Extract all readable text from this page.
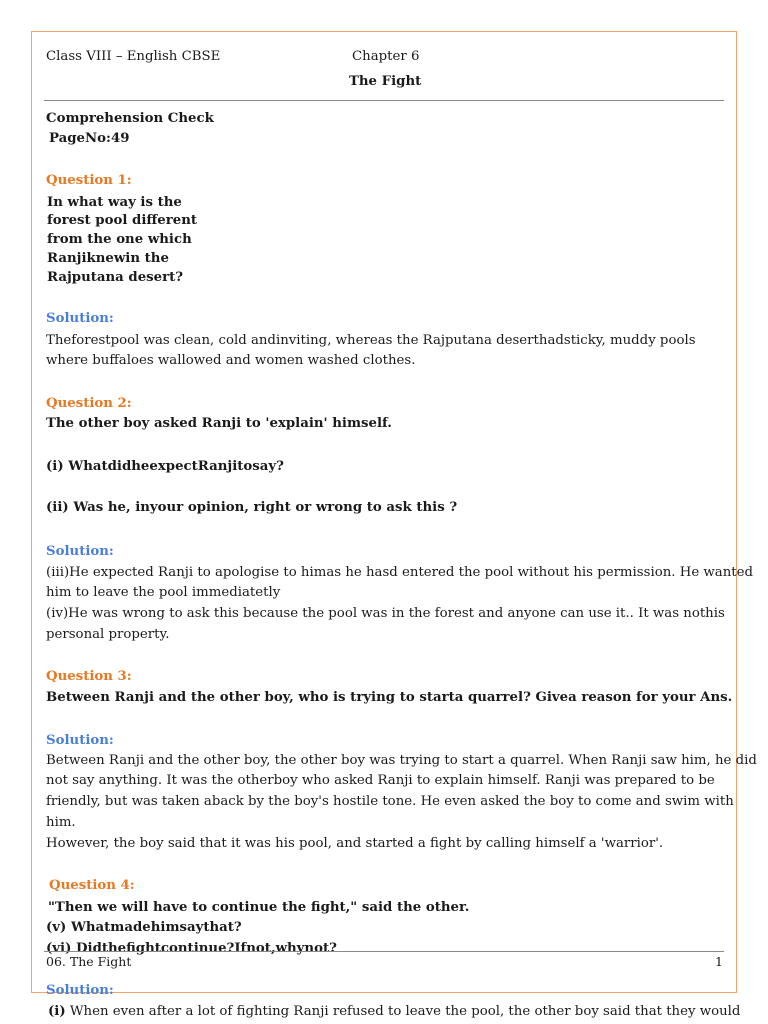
Class VIII – English CBSE	Chapter 6
The Fight
Comprehension Check
PageNo:49
Question 1:
In what way is the
forest pool different
from the one which
Ranjiknewin the
Rajputana desert?
Solution:
Theforestpool was clean, cold andinviting, whereas the Rajputana deserthadsticky, muddy pools
where buffaloes wallowed and women washed clothes.
Question 2:
The other boy asked Ranji to 'explain' himself.
(i) WhatdidheexpectRanjitosay?
(ii) Was he, inyour opinion, right or wrong to ask this ?
Solution:
(iii)He expected Ranji to apologise to himas he hasd entered the pool without his permission. He wanted
him to leave the pool immediatetly
(iv)He was wrong to ask this because the pool was in the forest and anyone can use it.. It was nothis
personal property.
Question 3:
Between Ranji and the other boy, who is trying to starta quarrel? Givea reason for your Ans.
Solution:
Between Ranji and the other boy, the other boy was trying to start a quarrel. When Ranji saw him, he did
not say anything. It was the otherboy who asked Ranji to explain himself. Ranji was prepared to be
friendly, but was taken aback by the boy's hostile tone. He even asked the boy to come and swim with
him.
However, the boy said that it was his pool, and started a fight by calling himself a 'warrior'.
Question 4:
"Then we will have to continue the fight," said the other.
(v) Whatmadehimsaythat?
(vi) Didthefightcontinue?Ifnot,whynot?
06. The Fight	1
Solution:
(i) When even after a lot of fighting Ranji refused to leave the pool, the other boy said that they would
